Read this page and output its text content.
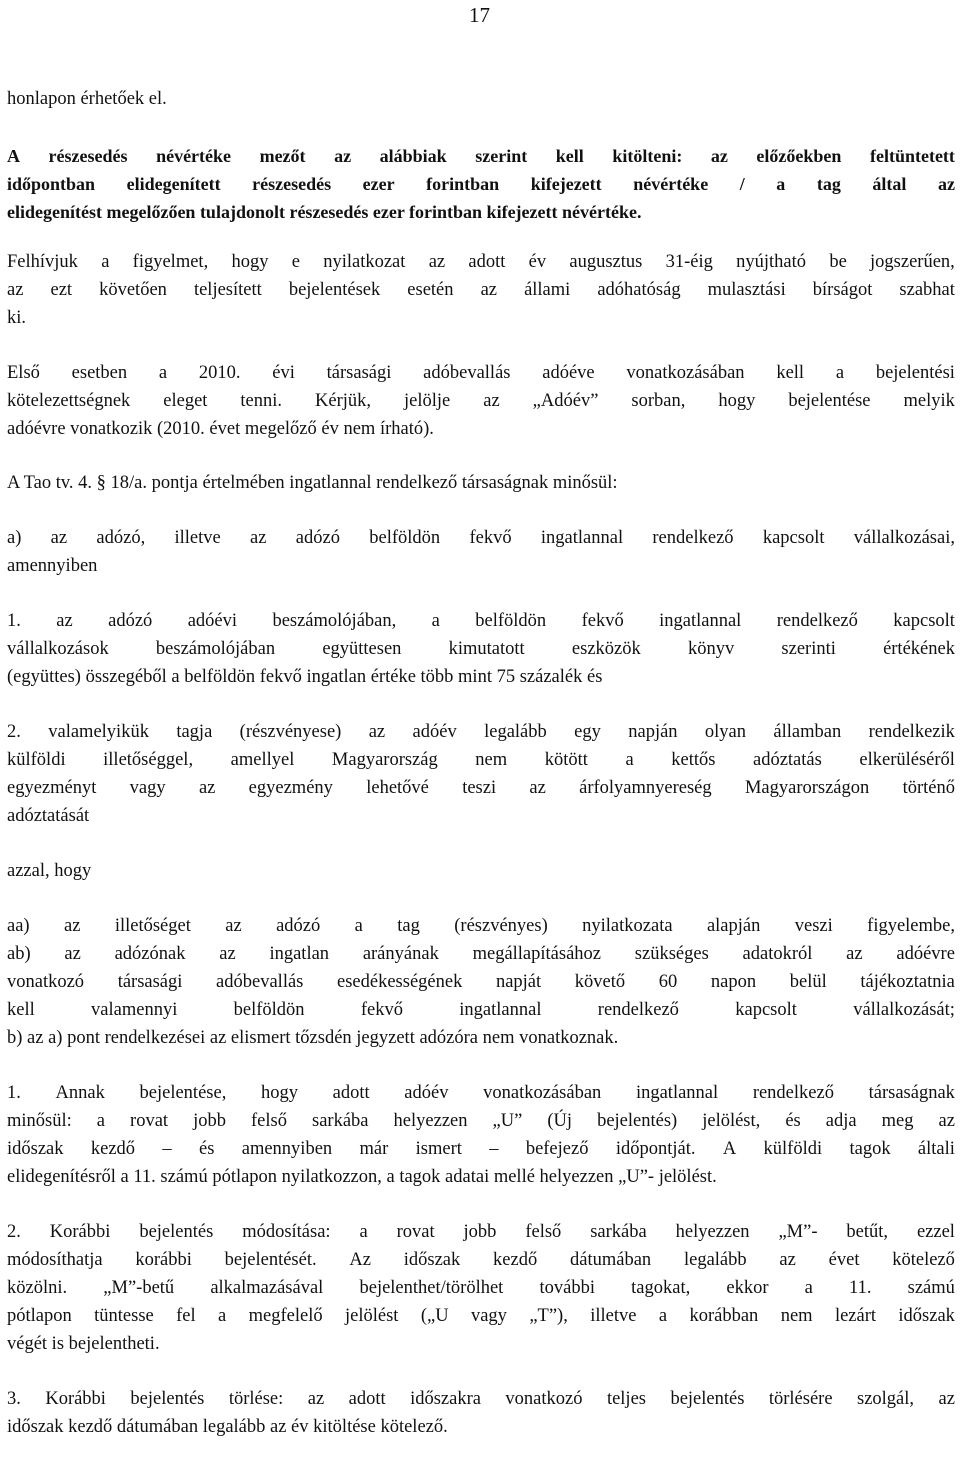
17
honlapon érhetőek el.
A részesedés névértéke mezőt az alábbiak szerint kell kitölteni: az előzőekben feltüntetett
időpontban elidegenített részesedés ezer forintban kifejezett névértéke / a tag által az
elidegenítést megelőzően tulajdonolt részesedés ezer forintban kifejezett névértéke.
Felhívjuk a figyelmet, hogy e nyilatkozat az adott év augusztus 31-éig nyújtható be jogszerűen,
az ezt követően teljesített bejelentések esetén az állami adóhatóság mulasztási bírságot szabhat
ki.
Első esetben a 2010. évi társasági adóbevallás adóéve vonatkozásában kell a bejelentési
kötelezettségnek eleget tenni. Kérjük, jelölje az „Adóév” sorban, hogy bejelentése melyik
adóévre vonatkozik (2010. évet megelőző év nem írható).
A Tao tv. 4. § 18/a. pontja értelmében ingatlannal rendelkező társaságnak minősül:
a) az adózó, illetve az adózó belföldön fekvő ingatlannal rendelkező kapcsolt vállalkozásai,
amennyiben
1. az adózó adóévi beszámolójában, a belföldön fekvő ingatlannal rendelkező kapcsolt
vállalkozások	beszámolójában	együttesen	kimutatott	eszközök	könyv	szerinti	értékének
(együttes) összegéből a belföldön fekvő ingatlan értéke több mint 75 százalék és
2. valamelyikük tagja (részvényese) az adóév legalább egy napján olyan államban rendelkezik
külföldi illetőséggel, amellyel Magyarország nem kötött a kettős adóztatás elkerüléséről
egyezményt vagy az egyezmény lehetővé teszi az árfolyamnyereség Magyarországon történő
adóztatását
azzal, hogy
aa) az illetőséget az adózó a tag (részvényes) nyilatkozata alapján veszi figyelembe,
ab) az adózónak az ingatlan arányának megállapításához szükséges adatokról az adóévre
vonatkozó társasági adóbevallás esedékességének napját követő 60 napon belül tájékoztatnia
kell	valamennyi	belföldön	fekvő	ingatlannal	rendelkező	kapcsolt	vállalkozását;
b) az a) pont rendelkezései az elismert tőzsdén jegyzett adózóra nem vonatkoznak.
1. Annak bejelentése, hogy adott adóév vonatkozásában ingatlannal rendelkező társaságnak
minősül: a rovat jobb felső sarkába helyezzen „U” (Új bejelentés) jelölést, és adja meg az
időszak kezdő – és amennyiben már ismert – befejező időpontját. A külföldi tagok általi
elidegenítésről a 11. számú pótlapon nyilatkozzon, a tagok adatai mellé helyezzen „U”- jelölést.
2. Korábbi bejelentés módosítása: a rovat jobb felső sarkába helyezzen „M”- betűt, ezzel
módosíthatja korábbi bejelentését. Az időszak kezdő dátumában legalább az évet kötelező
közölni. „M”-betű alkalmazásával bejelenthet/törölhet további tagokat, ekkor a 11. számú
pótlapon tüntesse fel a megfelelő jelölést („U vagy „T”), illetve a korábban nem lezárt időszak
végét is bejelentheti.
3. Korábbi bejelentés törlése: az adott időszakra vonatkozó teljes bejelentés törlésére szolgál, az
időszak kezdő dátumában legalább az év kitöltése kötelező.
